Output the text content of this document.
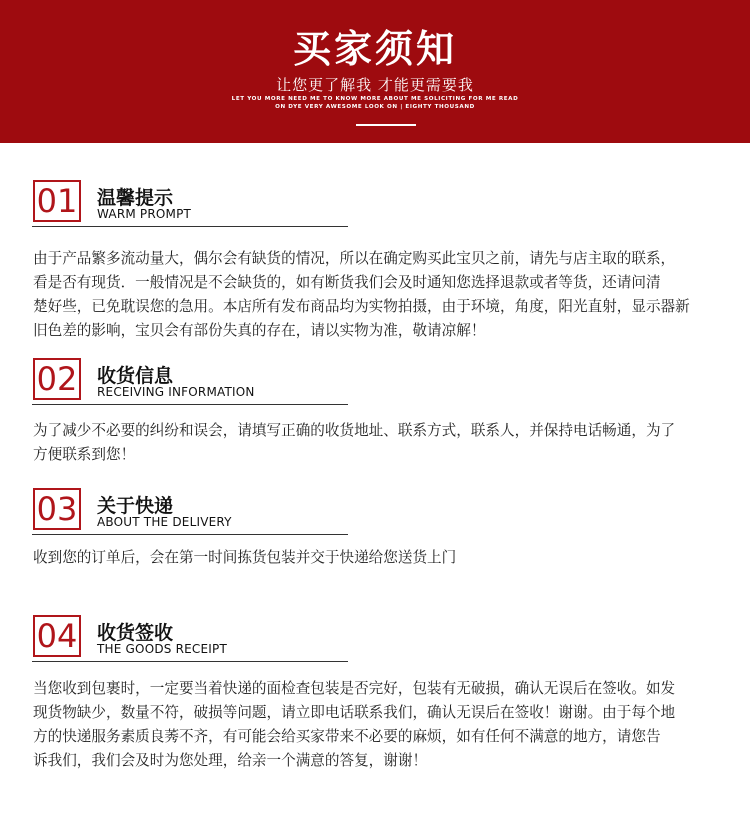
买家须知
让您更了解我 才能更需要我
LET YOU MORE NEED ME TO KNOW MORE ABOUT ME SOLICITING FOR ME READ
ON DYE VERY AWESOME LOOK ON | EIGHTY THOUSAND
01 温馨提示
WARM PROMPT
由于产品繁多流动量大，偶尔会有缺货的情况，所以在确定购买此宝贝之前，请先与店主取的联系，
看是否有现货．一般情况是不会缺货的，如有断货我们会及时通知您选择退款或者等货，还请问清
楚好些，已免耽误您的急用。本店所有发布商品均为实物拍摄，由于环境，角度，阳光直射，显示器新
旧色差的影响，宝贝会有部份失真的存在，请以实物为准，敬请凉解！
02 收货信息
RECEIVING INFORMATION
为了减少不必要的纠纷和误会，请填写正确的收货地址、联系方式，联系人，并保持电话畅通，为了
方便联系到您！
03 关于快递
ABOUT THE DELIVERY
收到您的订单后，会在第一时间拣货包装并交于快递给您送货上门
04 收货签收
THE GOODS RECEIPT
当您收到包裹时，一定要当着快递的面检查包装是否完好，包装有无破损，确认无误后在签收。如发
现货物缺少，数量不符，破损等问题，请立即电话联系我们，确认无误后在签收！谢谢。由于每个地
方的快递服务素质良莠不齐，有可能会给买家带来不必要的麻烦，如有任何不满意的地方，请您告
诉我们，我们会及时为您处理，给亲一个满意的答复，谢谢！
